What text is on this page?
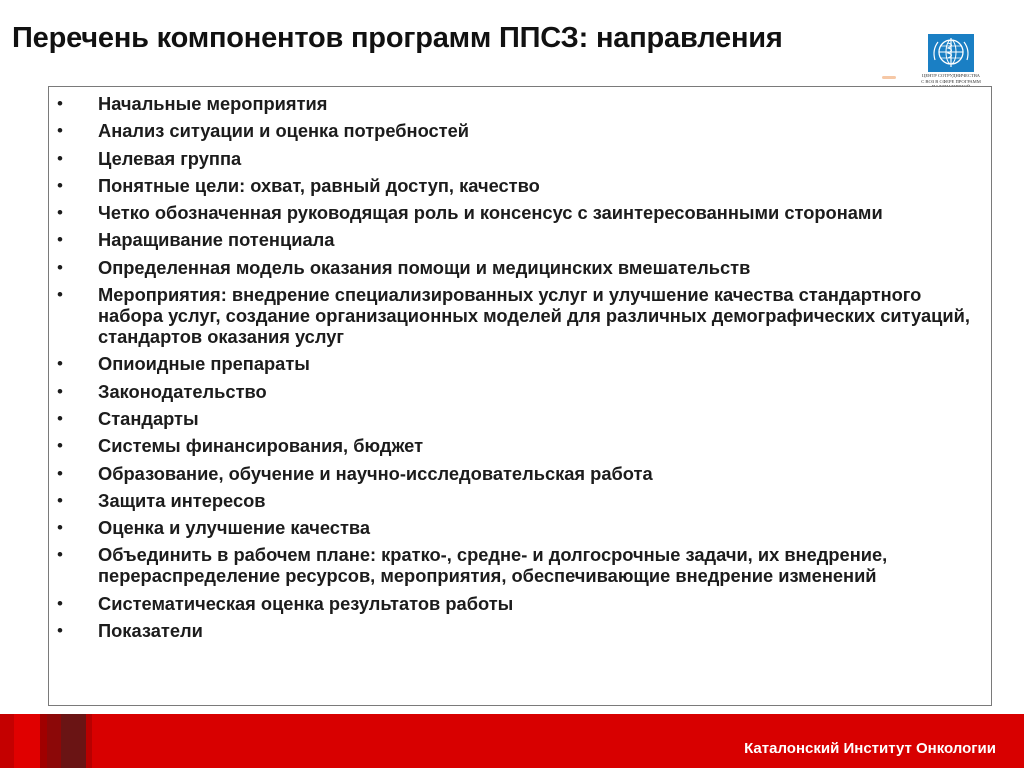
Перечень компонентов программ ППСЗ: направления
ЦЕНТР СОТРУДНИЧЕСТВА
С ВОЗ В СФЕРЕ ПРОГРАММ
• Начальные мероприятия
• Анализ ситуации и оценка потребностей
• Целевая группа
• Понятные цели: охват, равный доступ, качество
• Четко обозначенная руководящая роль и консенсус с заинтересованными сторонами
• Наращивание потенциала
• Определенная модель оказания помощи и медицинских вмешательств
• Мероприятия: внедрение специализированных услуг и улучшение качества стандартного набора услуг, создание организационных моделей для различных демографических ситуаций, стандартов оказания услуг
• Опиоидные препараты
• Законодательство
• Стандарты
• Системы финансирования, бюджет
• Образование, обучение и научно-исследовательская работа
• Защита интересов
• Оценка и улучшение качества
• Объединить в рабочем плане: кратко-, средне- и долгосрочные задачи, их внедрение, перераспределение ресурсов, мероприятия, обеспечивающие внедрение изменений
• Систематическая оценка результатов работы
• Показатели
Каталонский Институт Онкологии
